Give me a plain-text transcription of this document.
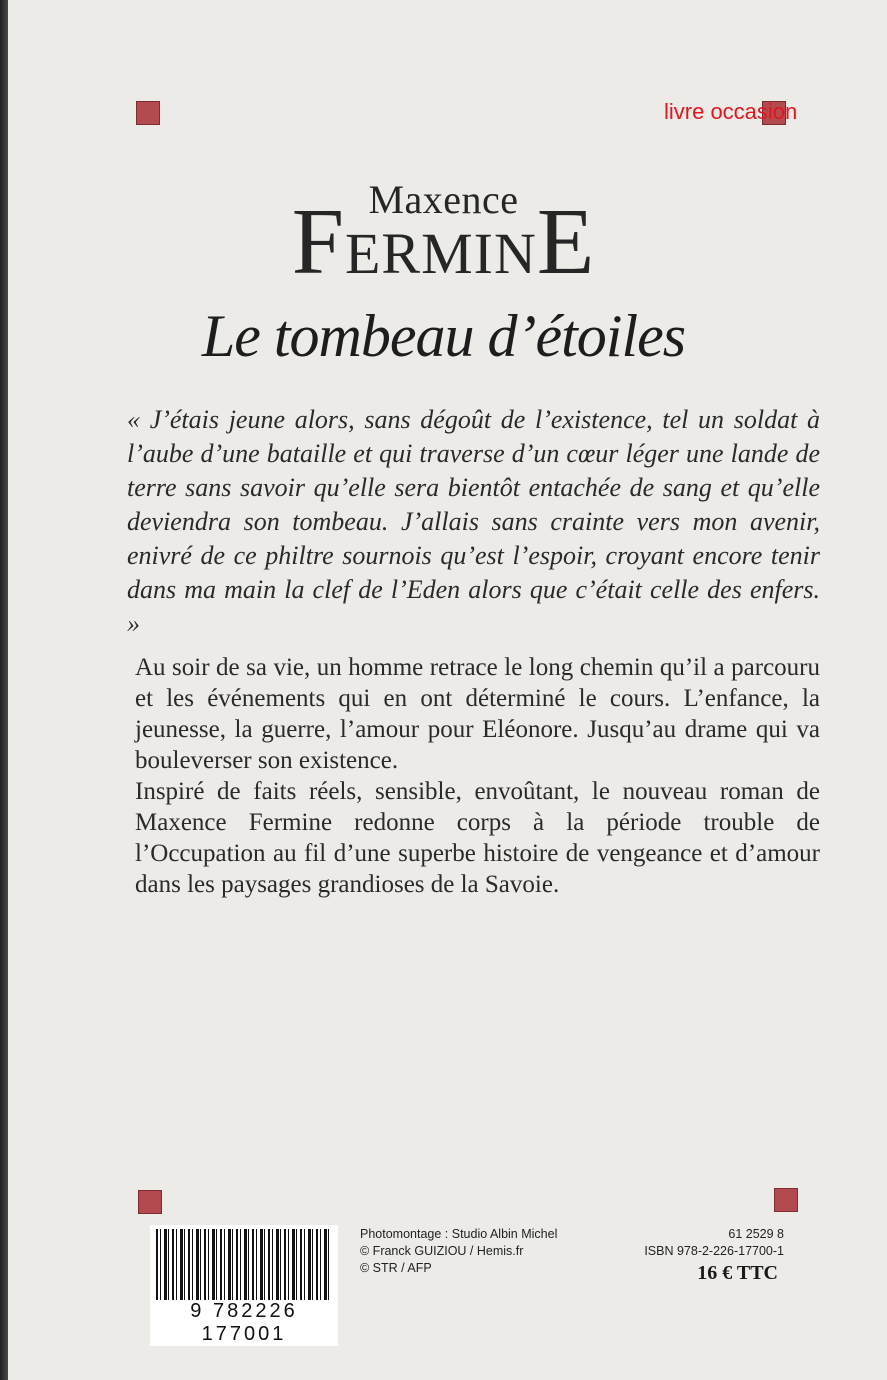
livre occasion
Maxence
FERMINE
Le tombeau d’étoiles
« J’étais jeune alors, sans dégoût de l’existence, tel un soldat à l’aube d’une bataille et qui traverse d’un cœur léger une lande de terre sans savoir qu’elle sera bientôt entachée de sang et qu’elle deviendra son tombeau. J’allais sans crainte vers mon avenir, enivré de ce philtre sournois qu’est l’espoir, croyant encore tenir dans ma main la clef de l’Eden alors que c’était celle des enfers. »

Au soir de sa vie, un homme retrace le long chemin qu’il a parcouru et les événements qui en ont déterminé le cours. L’enfance, la jeunesse, la guerre, l’amour pour Eléonore. Jusqu’au drame qui va bouleverser son existence.

Inspiré de faits réels, sensible, envoûtant, le nouveau roman de Maxence Fermine redonne corps à la période trouble de l’Occupation au fil d’une superbe histoire de vengeance et d’amour dans les paysages grandioses de la Savoie.

9 782226 177001
Photomontage : Studio Albin Michel
© Franck GUIZIOU / Hemis.fr
© STR / AFP
61 2529 8
ISBN 978-2-226-17700-1
16 € TTC
